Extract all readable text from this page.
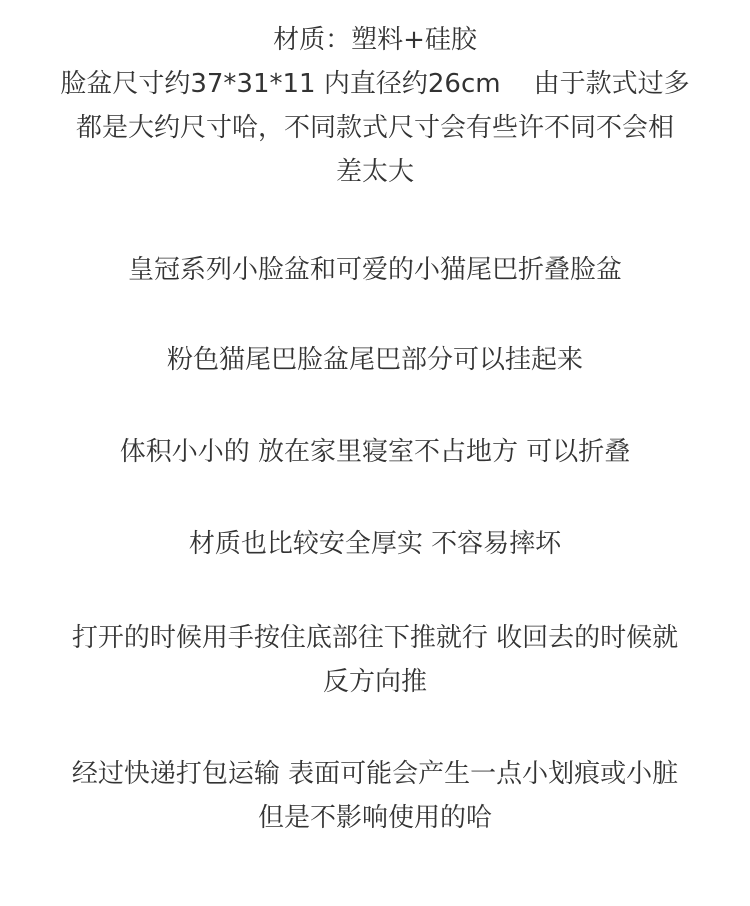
材质：塑料+硅胶
脸盆尺寸约37*31*11 内直径约26cm    由于款式过多
都是大约尺寸哈，不同款式尺寸会有些许不同不会相
差太大
皇冠系列小脸盆和可爱的小猫尾巴折叠脸盆
粉色猫尾巴脸盆尾巴部分可以挂起来
体积小小的 放在家里寝室不占地方 可以折叠
材质也比较安全厚实 不容易摔坏
打开的时候用手按住底部往下推就行 收回去的时候就
反方向推
经过快递打包运输 表面可能会产生一点小划痕或小脏
但是不影响使用的哈
